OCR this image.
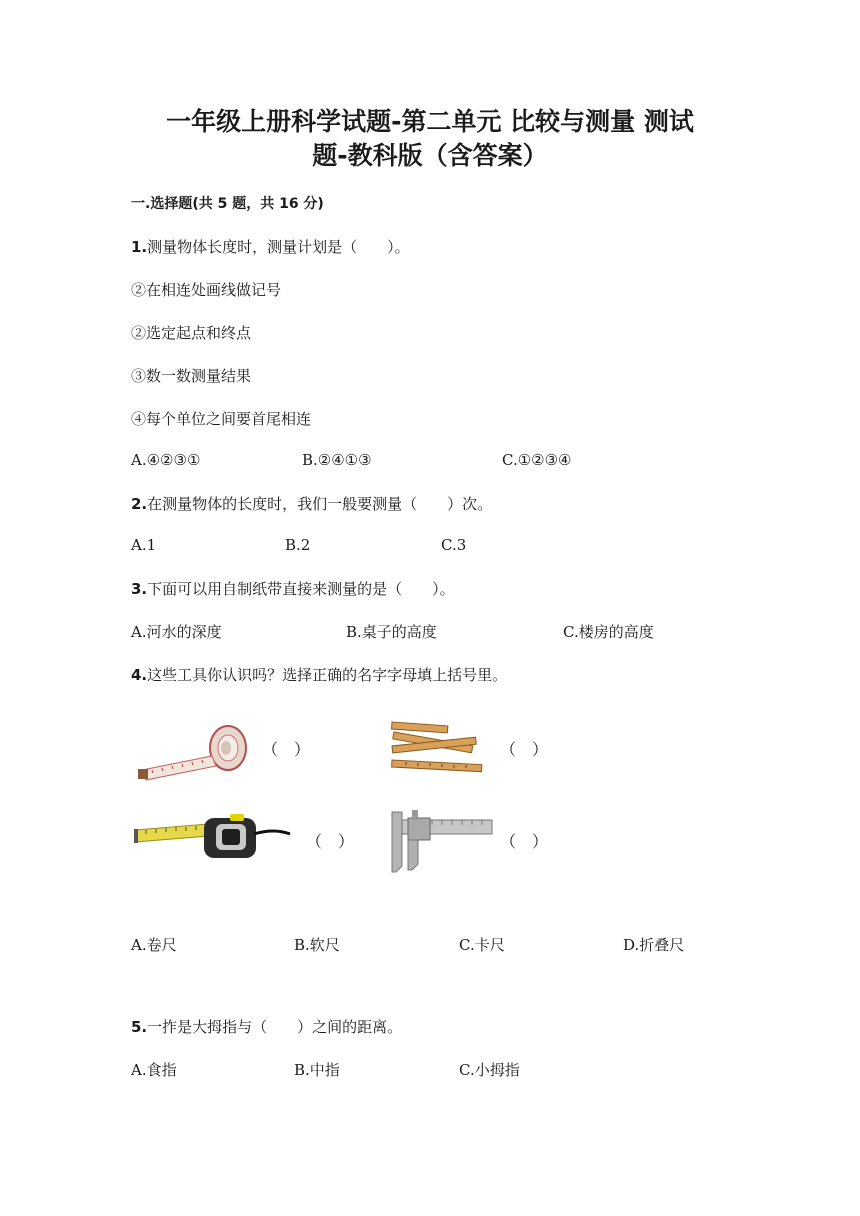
一年级上册科学试题-第二单元 比较与测量 测试
题-教科版（含答案）
一.选择题(共 5 题，共 16 分)
1.测量物体长度时，测量计划是（　　）。
②在相连处画线做记号
②选定起点和终点
③数一数测量结果
④每个单位之间要首尾相连
A.④②③①	B.②④①③	C.①②③④
2.在测量物体的长度时，我们一般要测量（　　）次。
A.1	B.2	C.3
3.下面可以用自制纸带直接来测量的是（　　）。
A.河水的深度	B.桌子的高度	C.楼房的高度
4.这些工具你认识吗？选择正确的名字字母填上括号里。
（　）	（　）
（　）	（　）
A.卷尺	B.软尺	C.卡尺	D.折叠尺
5.一拃是大拇指与（　　）之间的距离。
A.食指	B.中指	C.小拇指
